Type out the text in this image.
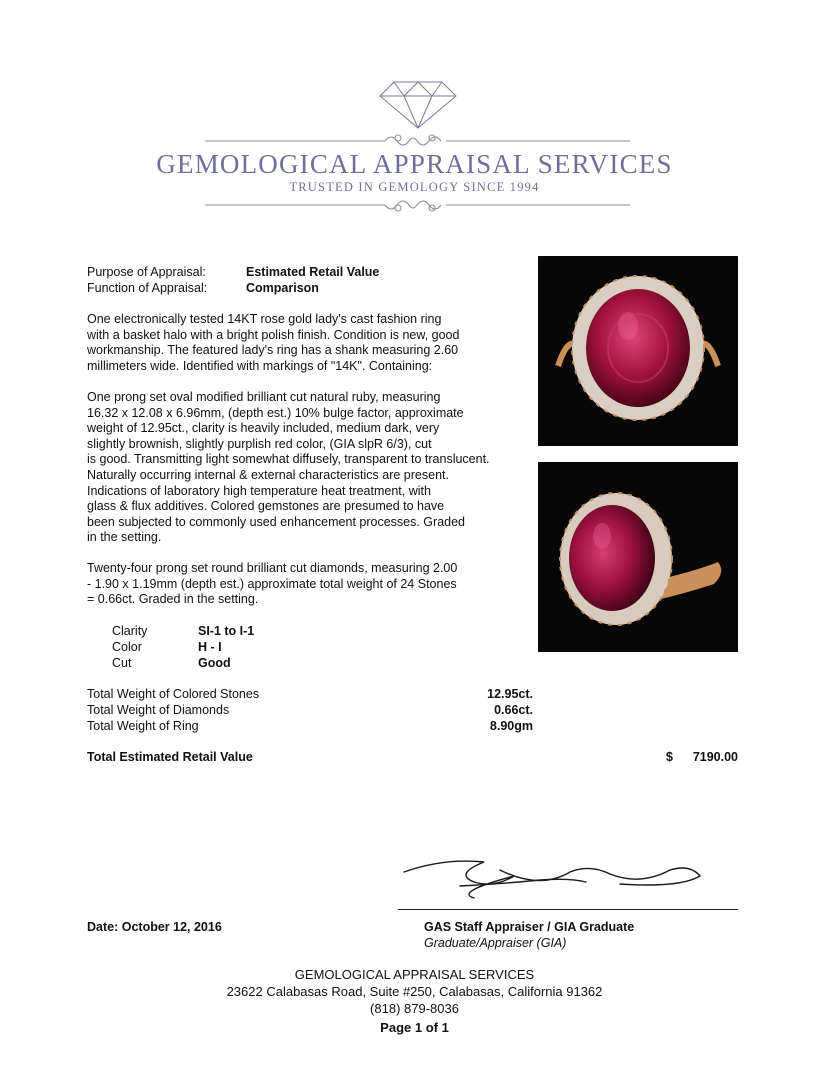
GEMOLOGICAL APPRAISAL SERVICES
TRUSTED IN GEMOLOGY SINCE 1994
Purpose of Appraisal:	Estimated Retail Value
Function of Appraisal:	Comparison
One electronically tested 14KT rose gold lady's cast fashion ring
with a basket halo with a bright polish finish. Condition is new, good
workmanship. The featured lady's ring has a shank measuring 2.60
millimeters wide. Identified with markings of "14K". Containing:
One prong set oval modified brilliant cut natural ruby, measuring
16.32 x 12.08 x 6.96mm, (depth est.) 10% bulge factor, approximate
weight of 12.95ct., clarity is heavily included, medium dark, very
slightly brownish, slightly purplish red color, (GIA slpR 6/3), cut
is good. Transmitting light somewhat diffusely, transparent to translucent.
Naturally occurring internal & external characteristics are present.
Indications of laboratory high temperature heat treatment, with
glass & flux additives. Colored gemstones are presumed to have
been subjected to commonly used enhancement processes. Graded
in the setting.
Twenty-four prong set round brilliant cut diamonds, measuring 2.00
- 1.90 x 1.19mm (depth est.) approximate total weight of 24 Stones
= 0.66ct. Graded in the setting.
Clarity	SI-1 to I-1
Color	H - I
Cut	Good
Total Weight of Colored Stones	12.95ct.
Total Weight of Diamonds	0.66ct.
Total Weight of Ring	8.90gm
Total Estimated Retail Value	$	7190.00
Date: October 12, 2016	GAS Staff Appraiser / GIA Graduate
Graduate/Appraiser (GIA)
GEMOLOGICAL APPRAISAL SERVICES
23622 Calabasas Road, Suite #250, Calabasas, California 91362
(818) 879-8036
Page 1 of 1
